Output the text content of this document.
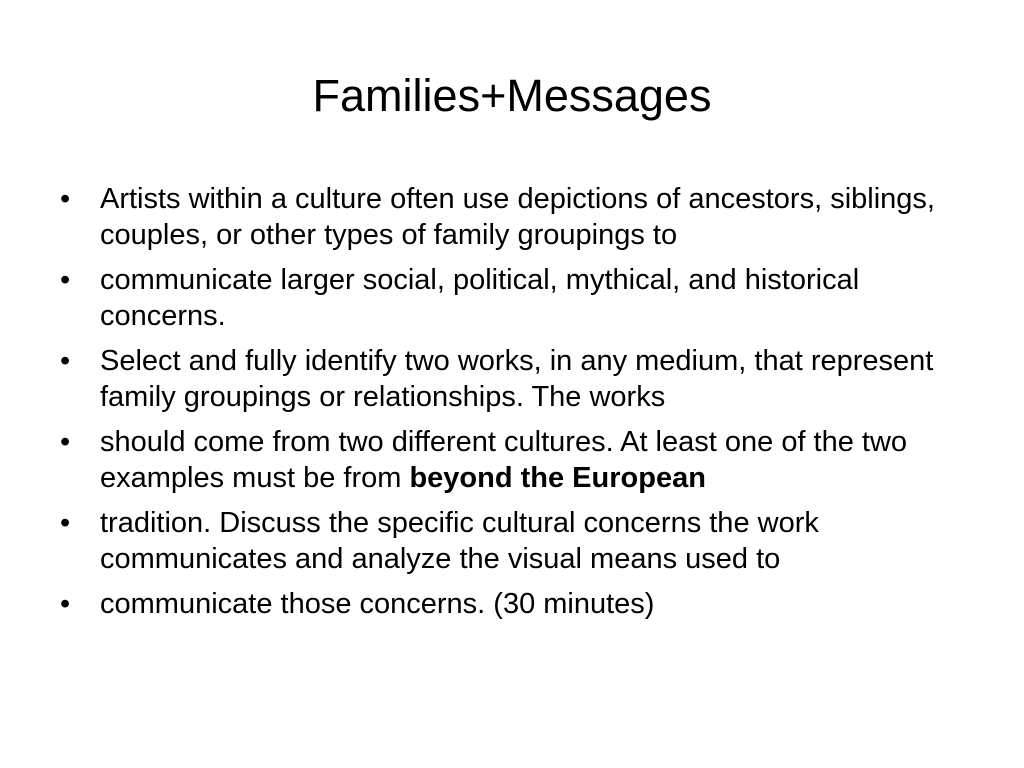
Families+Messages
•	Artists within a culture often use depictions of ancestors, siblings, couples, or other types of family groupings to
•	communicate larger social, political, mythical, and historical concerns.
•	Select and fully identify two works, in any medium, that represent family groupings or relationships. The works
•	should come from two different cultures. At least one of the two examples must be from beyond the European
•	tradition. Discuss the specific cultural concerns the work communicates and analyze the visual means used to
•	communicate those concerns. (30 minutes)
